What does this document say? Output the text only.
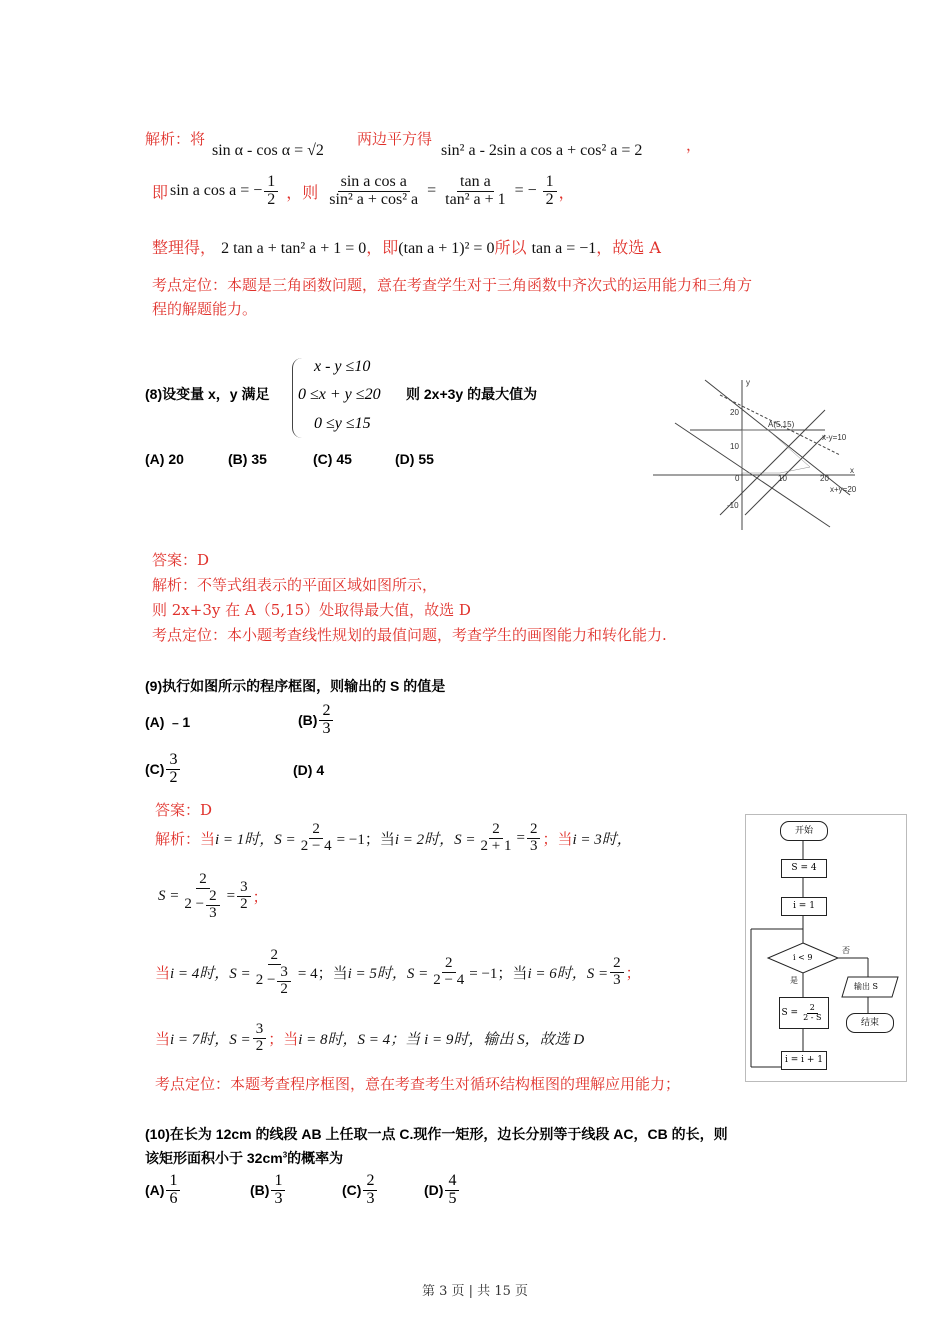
解析：将
sin α - cos α = √2
两边平方得
sin² a - 2sin a cos a + cos² a = 2	，
即 sin a cos a = − $\frac{1}{2}$ ，则 $\frac{\text{sin a cos a}}{\text{sin² a + cos² a}} = \frac{\text{tan a}}{\text{tan² a + 1}}$ = − $\frac{1}{2}$ ，
整理得， 2 tan a + tan² a + 1 = 0，即(tan a + 1)² = 0所以 tan a = −1，故选 A
考点定位：本题是三角函数问题，意在考查学生对于三角函数中齐次式的运用能力和三角方
程的解题能力。
(8)设变量 x，y 满足
x - y ≤10
0 ≤x + y ≤20
0 ≤y ≤15
则 2x+3y 的最大值为
(A) 20	(B) 35	(C) 45	(D) 55
y
x
A(5,15)
x-y=10
x+y=20
20
10
0
-10
10	20
答案：D
解析：不等式组表示的平面区域如图所示，
则 2x+3y 在 A（5,15）处取得最大值，故选 D
考点定位：本小题考查线性规划的最值问题，考查学生的画图能力和转化能力.
(9)执行如图所示的程序框图，则输出的 S 的值是
(A) ﹣1	$(B) \frac{2}{3}$
$(C) \frac{3}{2}$	(D) 4
答案：D
解析：当 i = 1时，$S = \frac{2}{2 - 4} = -1$；当 i = 2时，$S = \frac{2}{2 + 1} = \frac{2}{3}$ ；当 i = 3时，
$S = \frac{2}{2 - \frac{2}{3}} = \frac{3}{2}$ ；
当 i = 4时，$S = \frac{2}{2 - \frac{3}{2}} = 4$；当 i = 5时，$S = \frac{2}{2 - 4} = -1$；当 i = 6时，$S = \frac{2}{3}$ ；
当 i = 7时，$S = \frac{3}{2}$ ；当 i = 8时，S = 4；当 i = 9时，输出 S，故选 D
考点定位：本题考查程序框图，意在考查考生对循环结构框图的理解应用能力；
开始
S = 4
i = 1
i < 9
否
是
输出 S
$S = \frac{2}{2 - S}$
结束
i = i + 1
(10)在长为 12cm 的线段 AB 上任取一点 C.现作一矩形，边长分别等于线段 AC，CB 的长，则
该矩形面积小于 $32cm^3$的概率为
$(A) \frac{1}{6}$	$(B) \frac{1}{3}$	$(C) \frac{2}{3}$	$(D) \frac{4}{5}$
第 3 页 | 共 15 页
